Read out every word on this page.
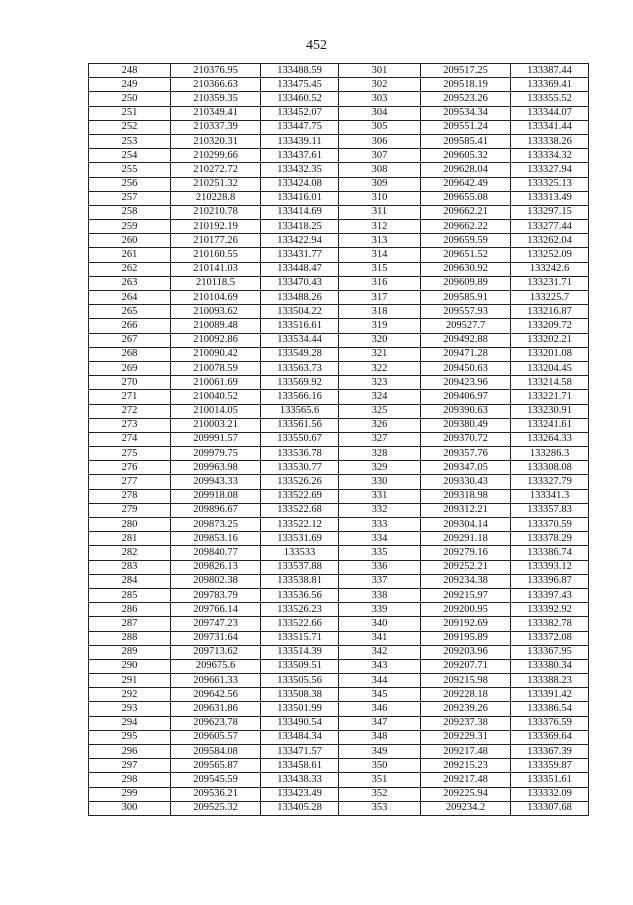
452
248	210376.95	133488.59	301	209517.25	133387.44
249	210366.63	133475.45	302	209518.19	133369.41
250	210359.35	133460.52	303	209523.26	133355.52
251	210349.41	133452.07	304	209534.34	133344.07
252	210337.39	133447.75	305	209551.24	133341.44
253	210320.31	133439.11	306	209585.41	133338.26
254	210299.66	133437.61	307	209605.32	133334.32
255	210272.72	133432.35	308	209628.04	133327.94
256	210251.32	133424.08	309	209642.49	133325.13
257	210228.8	133416.01	310	209655.08	133313.49
258	210210.78	133414.69	311	209662.21	133297.15
259	210192.19	133418.25	312	209662.22	133277.44
260	210177.26	133422.94	313	209659.59	133262.04
261	210160.55	133431.77	314	209651.52	133252.09
262	210141.03	133448.47	315	209630.92	133242.6
263	210118.5	133470.43	316	209609.89	133231.71
264	210104.69	133488.26	317	209585.91	133225.7
265	210093.62	133504.22	318	209557.93	133216.87
266	210089.48	133516.61	319	209527.7	133209.72
267	210092.86	133534.44	320	209492.88	133202.21
268	210090.42	133549.28	321	209471.28	133201.08
269	210078.59	133563.73	322	209450.63	133204.45
270	210061.69	133569.92	323	209423.96	133214.58
271	210040.52	133566.16	324	209406.97	133221.71
272	210014.05	133565.6	325	209390.63	133230.91
273	210003.21	133561.56	326	209380.49	133241.61
274	209991.57	133550.67	327	209370.72	133264.33
275	209979.75	133536.78	328	209357.76	133286.3
276	209963.98	133530.77	329	209347.05	133308.08
277	209943.33	133526.26	330	209330.43	133327.79
278	209918.08	133522.69	331	209318.98	133341.3
279	209896.67	133522.68	332	209312.21	133357.83
280	209873.25	133522.12	333	209304.14	133370.59
281	209853.16	133531.69	334	209291.18	133378.29
282	209840.77	133533	335	209279.16	133386.74
283	209826.13	133537.88	336	209252.21	133393.12
284	209802.38	133538.81	337	209234.38	133396.87
285	209783.79	133536.56	338	209215.97	133397.43
286	209766.14	133526.23	339	209200.95	133392.92
287	209747.23	133522.66	340	209192.69	133382.78
288	209731.64	133515.71	341	209195.89	133372.08
289	209713.62	133514.39	342	209203.96	133367.95
290	209675.6	133509.51	343	209207.71	133380.34
291	209661.33	133505.56	344	209215.98	133388.23
292	209642.56	133508.38	345	209228.18	133391.42
293	209631.86	133501.99	346	209239.26	133386.54
294	209623.78	133490.54	347	209237.38	133376.59
295	209605.57	133484.34	348	209229.31	133369.64
296	209584.08	133471.57	349	209217.48	133367.39
297	209565.87	133458.61	350	209215.23	133359.87
298	209545.59	133438.33	351	209217.48	133351.61
299	209536.21	133423.49	352	209225.94	133332.09
300	209525.32	133405.28	353	209234.2	133307.68
